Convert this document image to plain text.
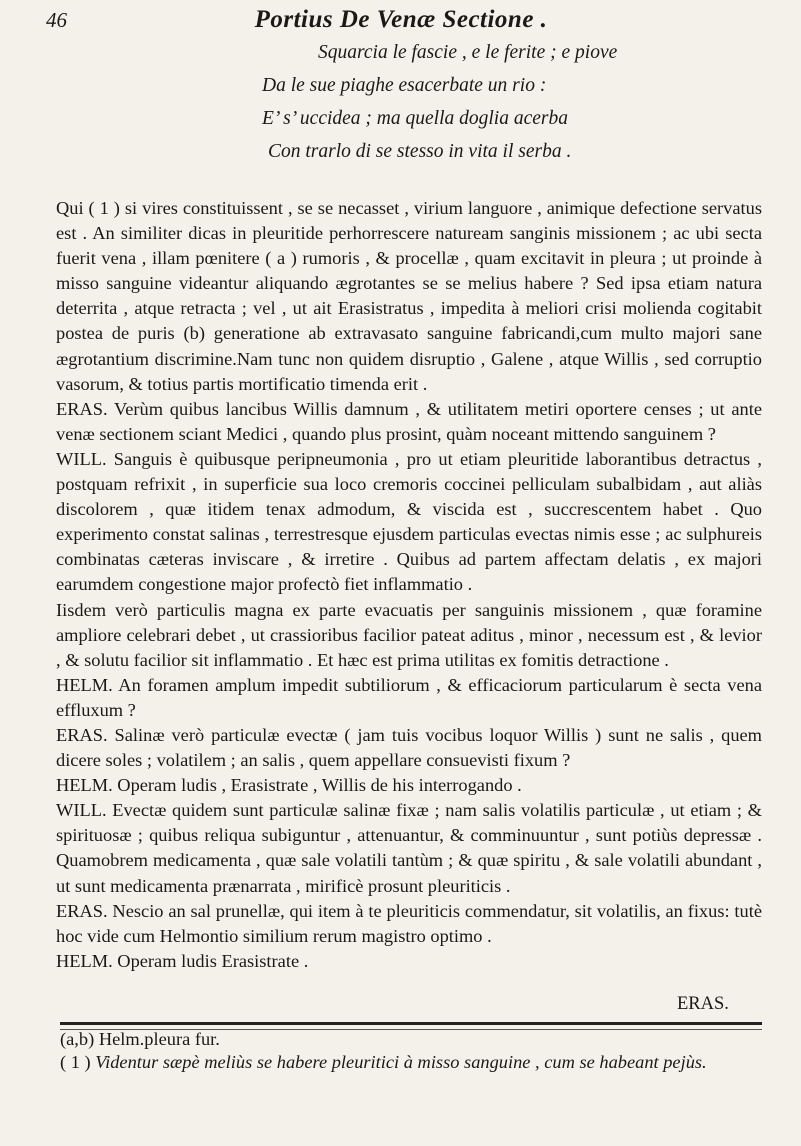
46	Portius De Venæ Sectione .
Squarcia le fascie , e le ferite ; e piove
Da le sue piaghe esacerbate un rio :
E’ s’ uccidea ; ma quella doglia acerba
Con trarlo di se stesso in vita il serba .

Qui ( 1 ) si vires constituissent , se se necasset , virium languore , animique defectione servatus est . An similiter dicas in pleuritide perhorrescere natuream sanginis missionem ; ac ubi secta fuerit vena , illam pœnitere ( a ) rumoris , & procellæ , quam excitavit in pleura ; ut proinde à misso sanguine videantur aliquando ægrotantes se se melius habere ? Sed ipsa etiam natura deterrita , atque retracta ; vel , ut ait Erasistratus , impedita à meliori crisi molienda cogitabit postea de puris (b) generatione ab extravasato sanguine fabricandi,cum multo majori sane ægrotantium discrimine.Nam tunc non quidem disruptio , Galene , atque Willis , sed corruptio vasorum, & totius partis mortificatio timenda erit .

ERAS. Verùm quibus lancibus Willis damnum , & utilitatem metiri oportere censes ; ut ante venæ sectionem sciant Medici , quando plus prosint, quàm noceant mittendo sanguinem ?

WILL. Sanguis è quibusque peripneumonia , pro ut etiam pleuritide laborantibus detractus , postquam refrixit , in superficie sua loco cremoris coccinei pelliculam subalbidam , aut aliàs discolorem , quæ itidem tenax admodum, & viscida est , succrescentem habet . Quo experimento constat salinas , terrestresque ejusdem particulas evectas nimis esse ; ac sulphureis combinatas cæteras inviscare , & irretire . Quibus ad partem affectam delatis , ex majori earumdem congestione major profectò fiet inflammatio .

Iisdem verò particulis magna ex parte evacuatis per sanguinis missionem , quæ foramine ampliore celebrari debet , ut crassioribus facilior pateat aditus , minor , necessum est , & levior , & solutu facilior sit inflammatio . Et hæc est prima utilitas ex fomitis detractione .

HELM. An foramen amplum impedit subtiliorum , & efficaciorum particularum è secta vena effluxum ?

ERAS. Salinæ verò particulæ evectæ ( jam tuis vocibus loquor Willis ) sunt ne salis , quem dicere soles ; volatilem ; an salis , quem appellare consuevisti fixum ?

HELM. Operam ludis , Erasistrate , Willis de his interrogando .

WILL. Evectæ quidem sunt particulæ salinæ fixæ ; nam salis volatilis particulæ , ut etiam ; & spirituosæ ; quibus reliqua subiguntur , attenuantur, & comminuuntur , sunt potiùs depressæ . Quamobrem medicamenta , quæ sale volatili tantùm ; & quæ spiritu , & sale volatili abundant , ut sunt medicamenta prænarrata , mirificè prosunt pleuriticis .

ERAS. Nescio an sal prunellæ, qui item à te pleuriticis commendatur, sit volatilis, an fixus: tutè hoc vide cum Helmontio similium rerum magistro optimo .

HELM. Operam ludis Erasistrate .

ERAS.

(a,b) Helm.pleura fur.

( 1 ) Videntur sæpè meliùs se habere pleuritici à misso sanguine , cum se habeant pejùs.
